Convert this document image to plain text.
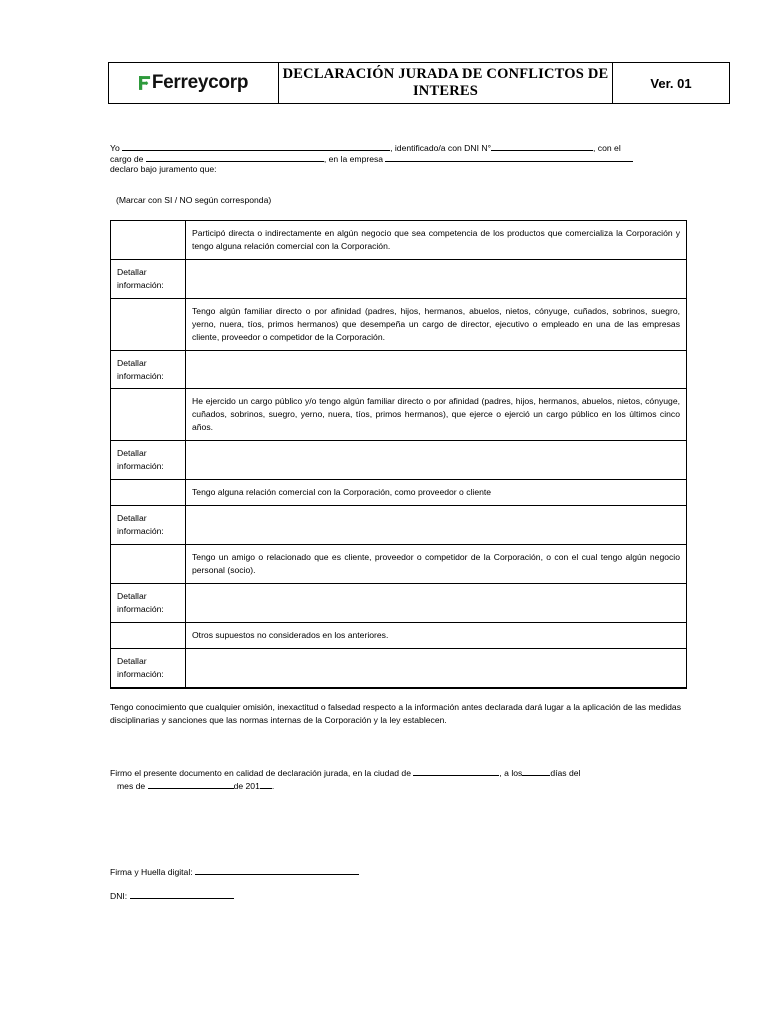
Ferreycorp DECLARACIÓN JURADA DE CONFLICTOS DE INTERES	Ver. 01
Yo	, identificado/a con DNI N°	, con el
cargo de	, en la empresa
declaro bajo juramento que:
(Marcar con SI / NO según corresponda)
	Participó directa o indirectamente en algún negocio que sea competencia de los productos que comercializa la Corporación y tengo alguna relación comercial con la Corporación.
Detallar información:	
	Tengo algún familiar directo o por afinidad (padres, hijos, hermanos, abuelos, nietos, cónyuge, cuñados, sobrinos, suegro, yerno, nuera, tíos, primos hermanos) que desempeña un cargo de director, ejecutivo o empleado en una de las empresas cliente, proveedor o competidor de la Corporación.
Detallar información:	
	He ejercido un cargo público y/o tengo algún familiar directo o por afinidad (padres, hijos, hermanos, abuelos, nietos, cónyuge, cuñados, sobrinos, suegro, yerno, nuera, tíos, primos hermanos), que ejerce o ejerció un cargo público en los últimos cinco años.
Detallar información:	
	Tengo alguna relación comercial con la Corporación, como proveedor o cliente
Detallar información:	
	Tengo un amigo o relacionado que es cliente, proveedor o competidor de la Corporación, o con el cual tengo algún negocio personal (socio).
Detallar información:	
	Otros supuestos no considerados en los anteriores.
Detallar información:	
Tengo conocimiento que cualquier omisión, inexactitud o falsedad respecto a la información antes declarada dará lugar a la aplicación de las medidas disciplinarias y sanciones que las normas internas de la Corporación y la ley establecen.
Firmo el presente documento en calidad de declaración jurada, en la ciudad de	, a los	días del
mes de	de 201 .
Firma y Huella digital:
DNI:
